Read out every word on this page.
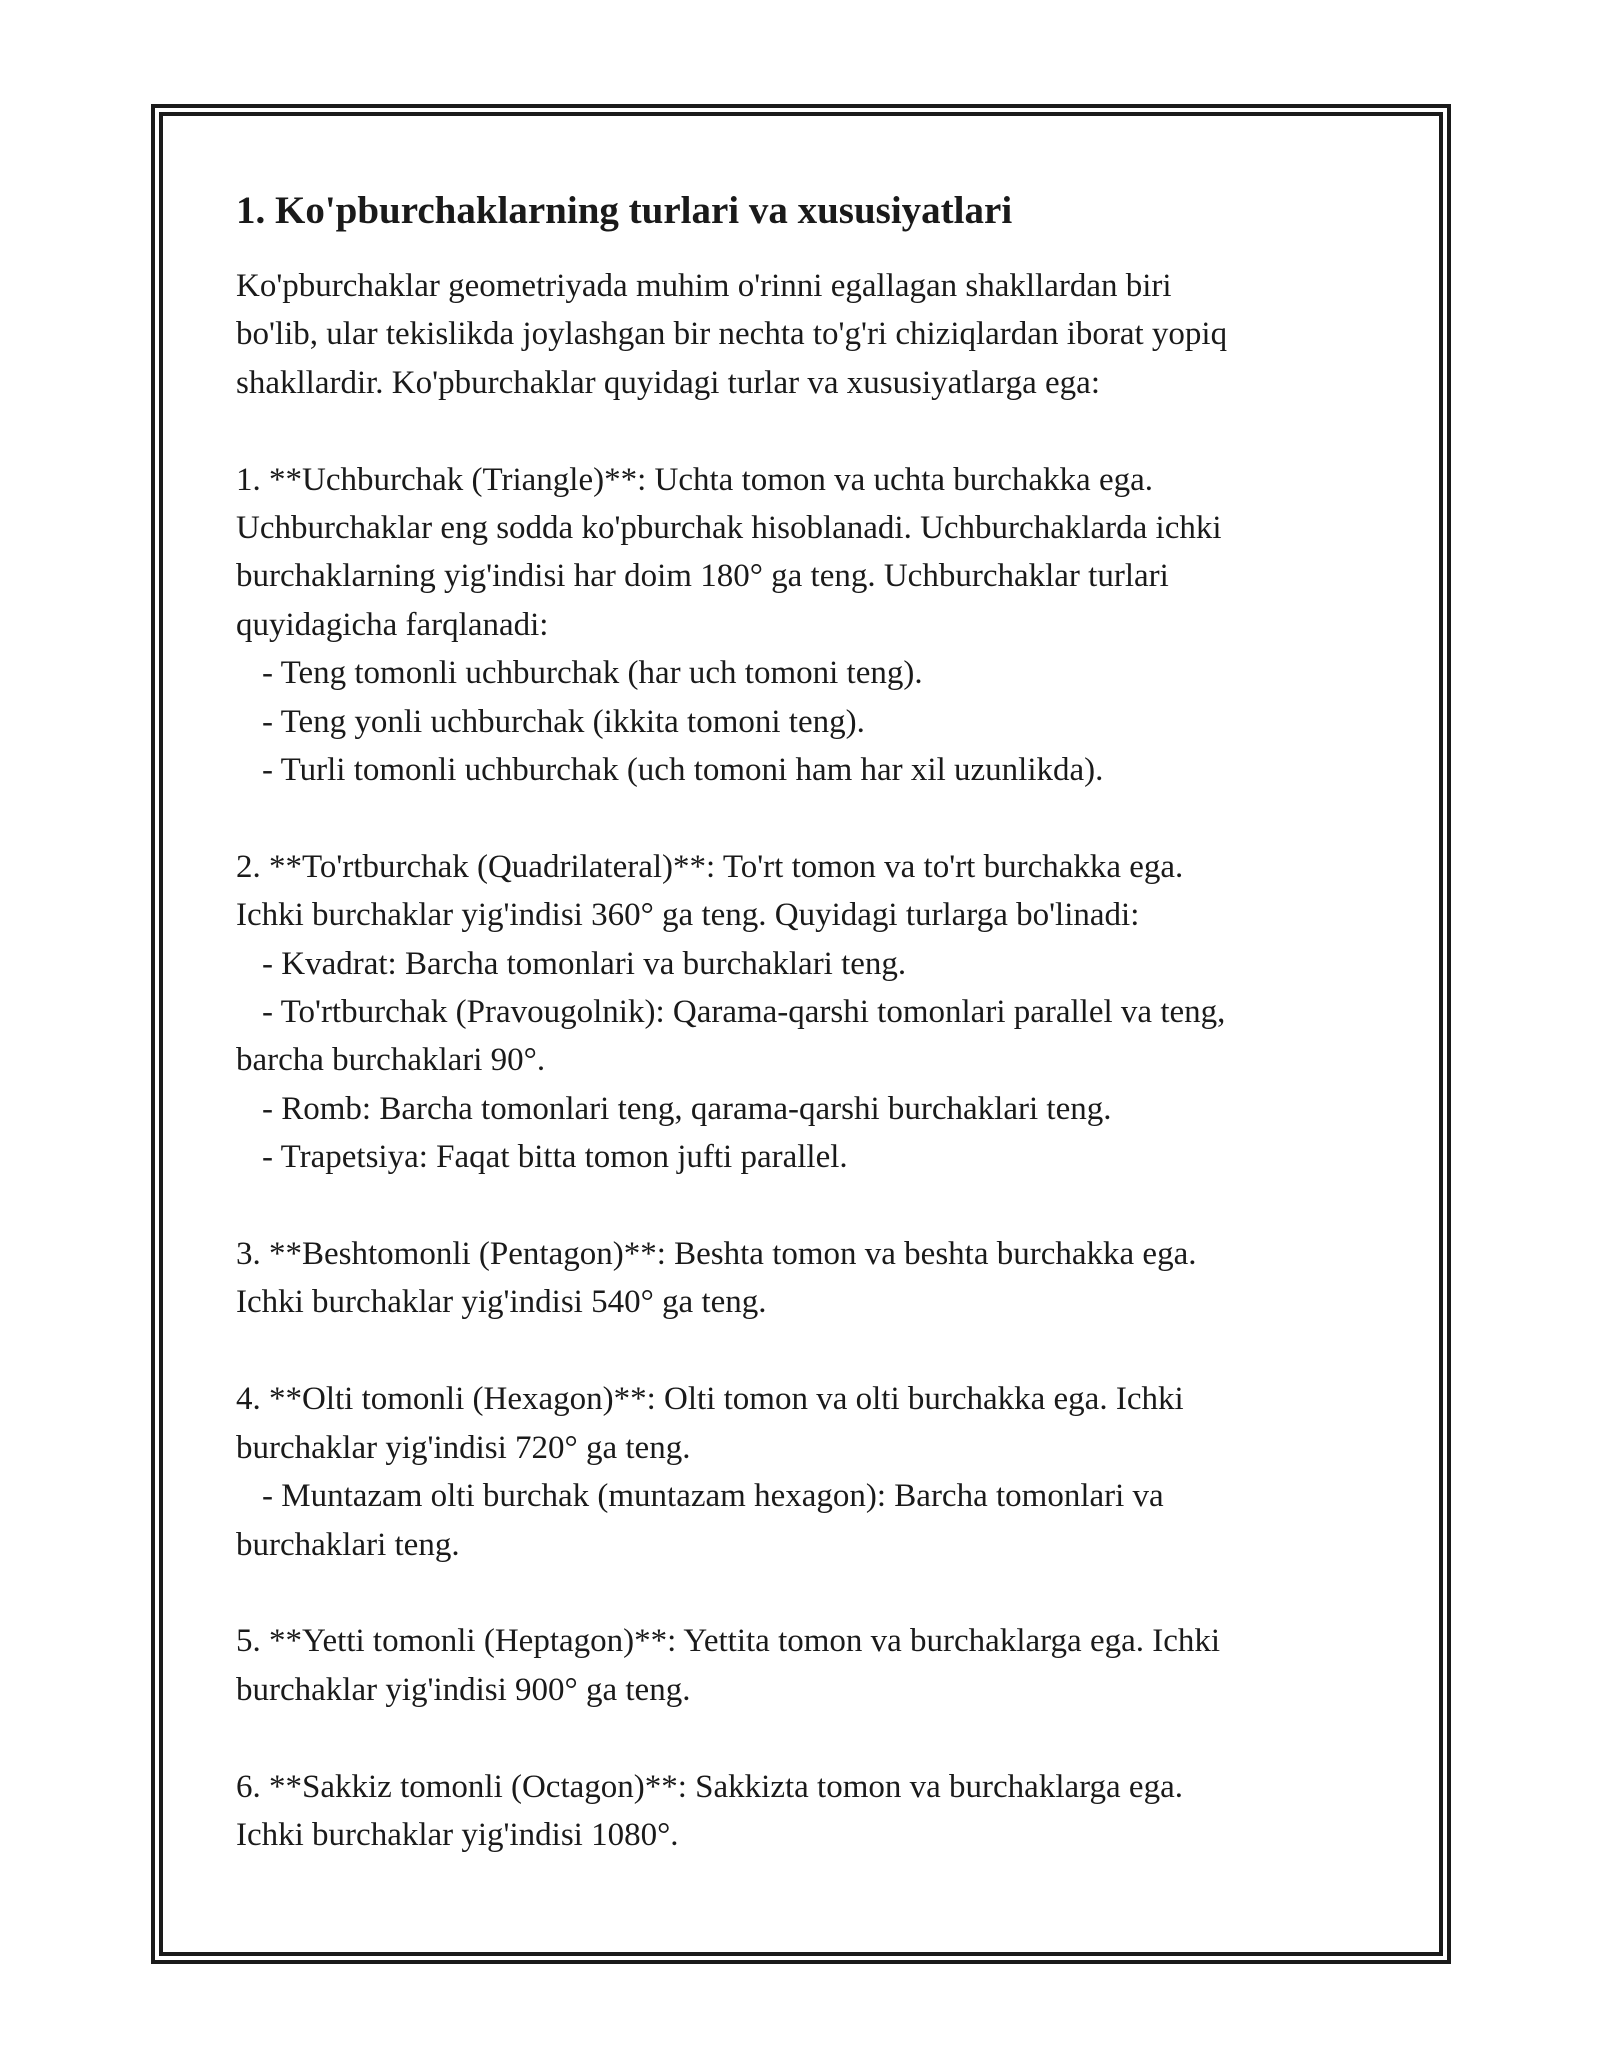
1. Ko'pburchaklarning turlari va xususiyatlari
Ko'pburchaklar geometriyada muhim o'rinni egallagan shakllardan biri
bo'lib, ular tekislikda joylashgan bir nechta to'g'ri chiziqlardan iborat yopiq
shakllardir. Ko'pburchaklar quyidagi turlar va xususiyatlarga ega:
1. **Uchburchak (Triangle)**: Uchta tomon va uchta burchakka ega.
Uchburchaklar eng sodda ko'pburchak hisoblanadi. Uchburchaklarda ichki
burchaklarning yig'indisi har doim 180° ga teng. Uchburchaklar turlari
quyidagicha farqlanadi:
- Teng tomonli uchburchak (har uch tomoni teng).
- Teng yonli uchburchak (ikkita tomoni teng).
- Turli tomonli uchburchak (uch tomoni ham har xil uzunlikda).
2. **To'rtburchak (Quadrilateral)**: To'rt tomon va to'rt burchakka ega.
Ichki burchaklar yig'indisi 360° ga teng. Quyidagi turlarga bo'linadi:
- Kvadrat: Barcha tomonlari va burchaklari teng.
- To'rtburchak (Pravougolnik): Qarama-qarshi tomonlari parallel va teng,
barcha burchaklari 90°.
- Romb: Barcha tomonlari teng, qarama-qarshi burchaklari teng.
- Trapetsiya: Faqat bitta tomon jufti parallel.
3. **Beshtomonli (Pentagon)**: Beshta tomon va beshta burchakka ega.
Ichki burchaklar yig'indisi 540° ga teng.
4. **Olti tomonli (Hexagon)**: Olti tomon va olti burchakka ega. Ichki
burchaklar yig'indisi 720° ga teng.
- Muntazam olti burchak (muntazam hexagon): Barcha tomonlari va
burchaklari teng.
5. **Yetti tomonli (Heptagon)**: Yettita tomon va burchaklarga ega. Ichki
burchaklar yig'indisi 900° ga teng.
6. **Sakkiz tomonli (Octagon)**: Sakkizta tomon va burchaklarga ega.
Ichki burchaklar yig'indisi 1080°.
